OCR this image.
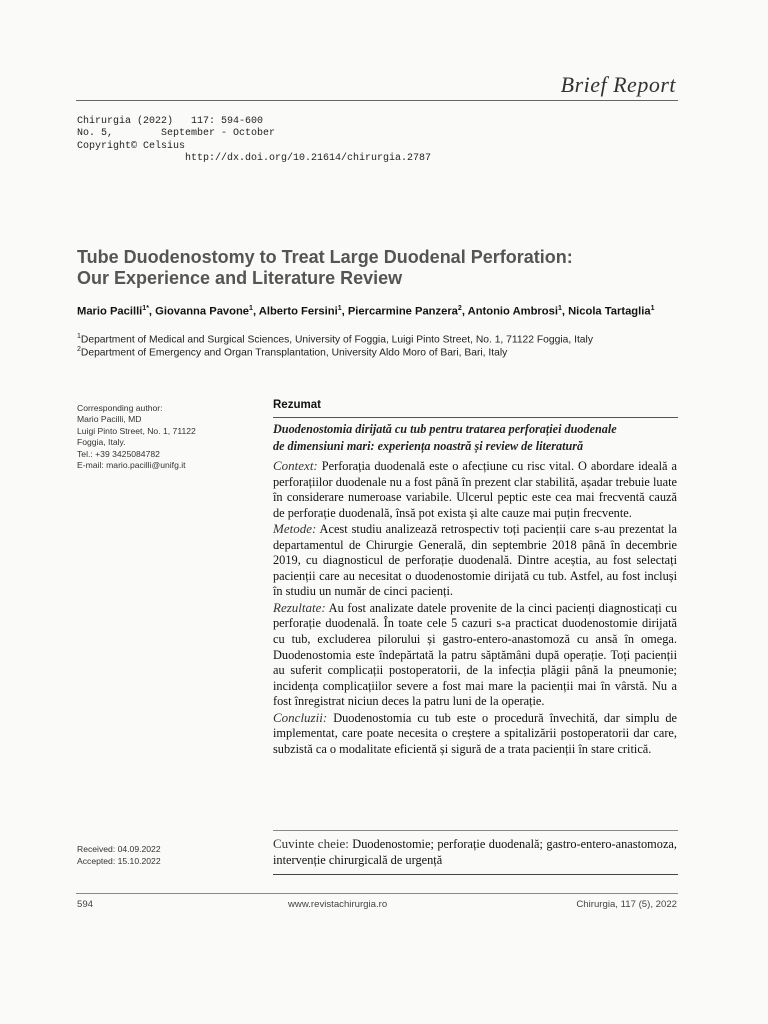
Brief Report
Chirurgia (2022)   117: 594-600
No. 5,        September - October
Copyright© Celsius
http://dx.doi.org/10.21614/chirurgia.2787
Tube Duodenostomy to Treat Large Duodenal Perforation:
Our Experience and Literature Review
Mario Pacilli$^{1*}$, Giovanna Pavone$^1$, Alberto Fersini$^1$, Piercarmine Panzera$^2$, Antonio Ambrosi$^1$, Nicola Tartaglia$^1$
$^1$Department of Medical and Surgical Sciences, University of Foggia, Luigi Pinto Street, No. 1, 71122 Foggia, Italy
$^2$Department of Emergency and Organ Transplantation, University Aldo Moro of Bari, Bari, Italy
Corresponding author:
Mario Pacilli, MD
Luigi Pinto Street, No. 1, 71122
Foggia, Italy.
Tel.: +39 3425084782
E-mail: mario.pacilli@unifg.it
Received: 04.09.2022
Accepted: 15.10.2022
Rezumat
Duodenostomia dirijată cu tub pentru tratarea perforației duodenale
de dimensiuni mari: experiența noastră și review de literatură

Context: Perforația duodenală este o afecțiune cu risc vital. O abordare ideală a perforațiilor duodenale nu a fost până în prezent clar stabilită, așadar trebuie luate în considerare numeroase variabile. Ulcerul peptic este cea mai frecventă cauză de perforație duodenală, însă pot exista și alte cauze mai puțin frecvente.

Metode: Acest studiu analizează retrospectiv toți pacienții care s-au prezentat la departamentul de Chirurgie Generală, din septembrie 2018 până în decembrie 2019, cu diagnosticul de perforație duodenală. Dintre aceștia, au fost selectați pacienții care au necesitat o duodenostomie dirijată cu tub. Astfel, au fost incluși în studiu un număr de cinci pacienți.

Rezultate: Au fost analizate datele provenite de la cinci pacienți diagnosticați cu perforație duodenală. În toate cele 5 cazuri s-a practicat duodenostomie dirijată cu tub, excluderea pilorului și gastro-entero-anastomoză cu ansă în omega. Duodenostomia este îndepărtată la patru săptămâni după operație. Toți pacienții au suferit complicații postoperatorii, de la infecția plăgii până la pneumonie; incidența complicațiilor severe a fost mai mare la pacienții mai în vârstă. Nu a fost înregistrat niciun deces la patru luni de la operație.

Concluzii: Duodenostomia cu tub este o procedură învechită, dar simplu de implementat, care poate necesita o creștere a spitalizării postoperatorii dar care, subzistă ca o modalitate eficientă și sigură de a trata pacienții în stare critică.

Cuvinte cheie: Duodenostomie; perforație duodenală; gastro-entero-anastomoza, intervenție chirurgicală de urgență
594	www.revistachirurgia.ro	Chirurgia, 117 (5), 2022
